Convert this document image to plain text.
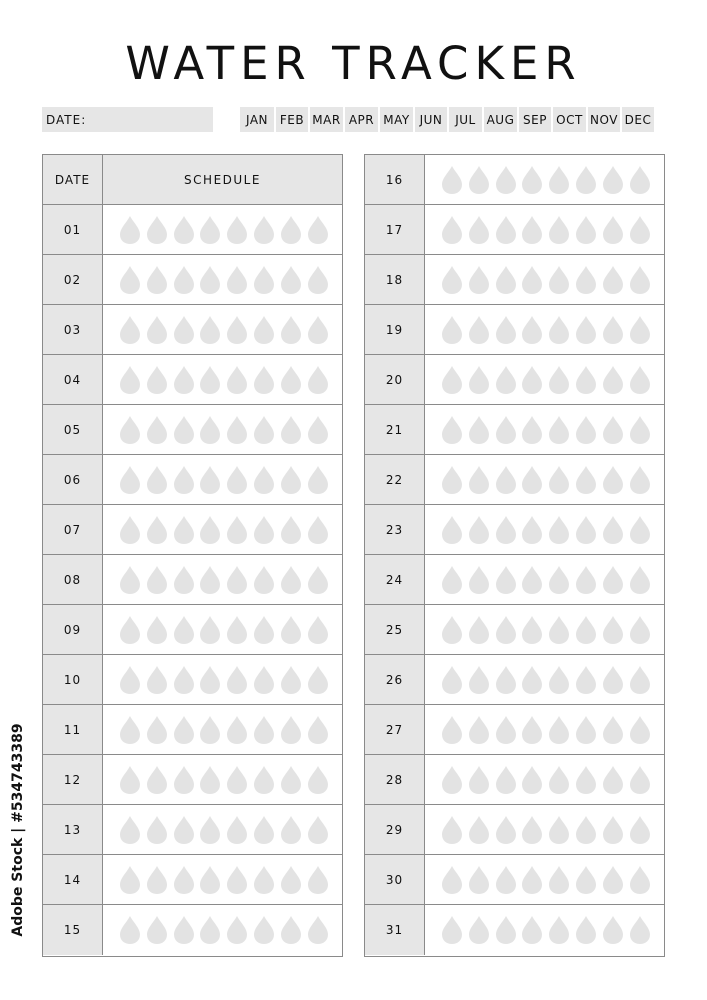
WATER TRACKER
DATE:	JAN FEB MAR APR MAY JUN	JUL AUG SEP OCT NOV DEC
DATE	SCHEDULE
01
02
03
04
05
06
07
08
09
10
11
12
13
14
15
16
17
18
19
20
21
22
23
24
25
26
27
28
29
30
31
Adobe Stock | #534743389
